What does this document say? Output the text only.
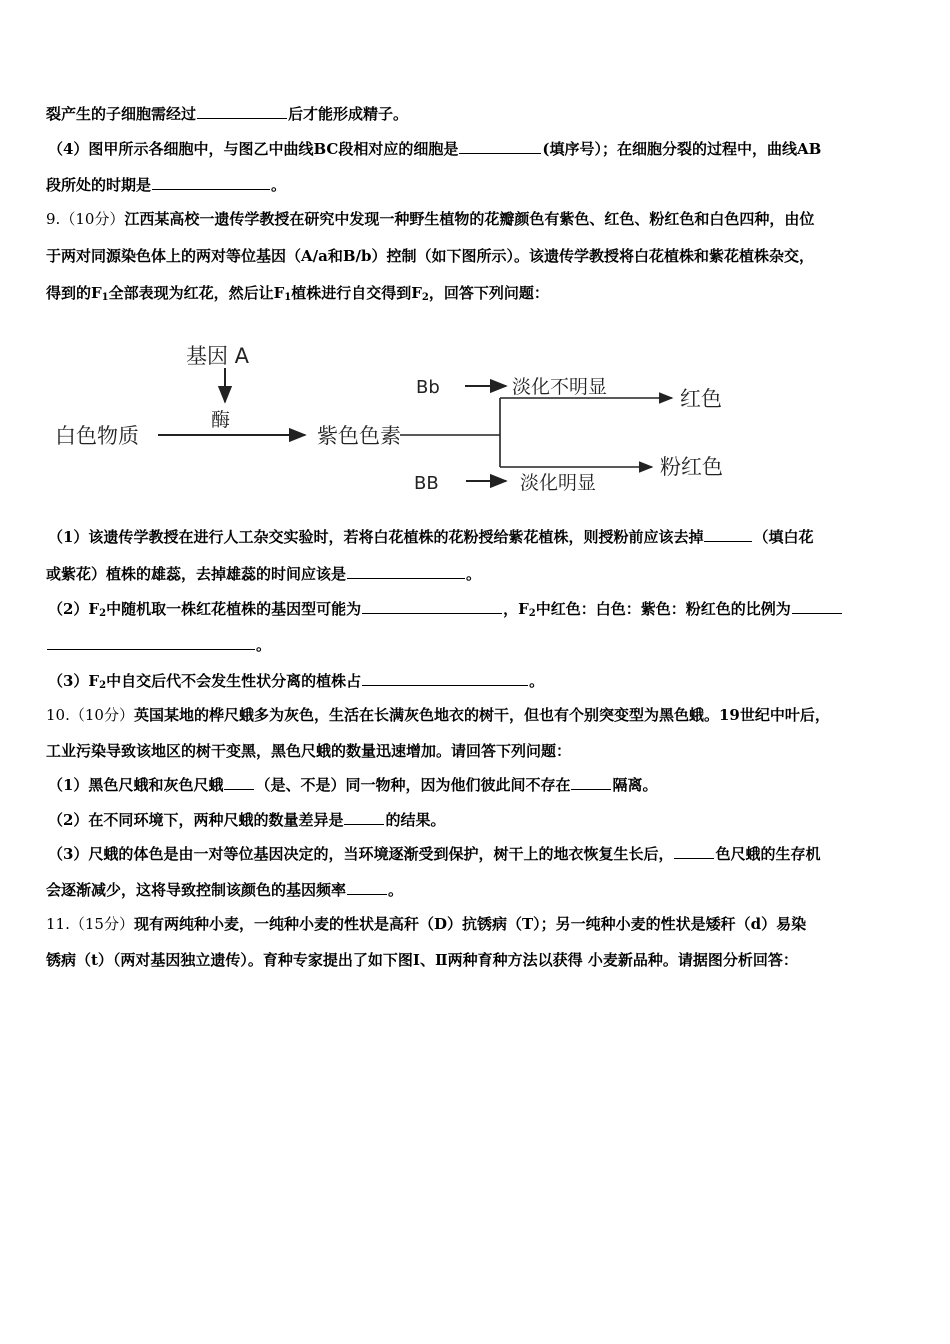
裂产生的子细胞需经过	后才能形成精子。
（4）图甲所示各细胞中，与图乙中曲线BC段相对应的细胞是	(填序号）；在细胞分裂的过程中，曲线AB
段所处的时期是	。
9.（10分）江西某高校一遗传学教授在研究中发现一种野生植物的花瓣颜色有紫色、红色、粉红色和白色四种，由位
于两对同源染色体上的两对等位基因（A/a和B/b）控制（如下图所示）。该遗传学教授将白花植株和紫花植株杂交，
得到的$F_1$全部表现为红花，然后让$F_1$植株进行自交得到$F_2$，回答下列问题：
基因 A
酶
白色物质	紫色色素
Bb	淡化不明显	红色
BB	淡化明显
粉红色
（1）该遗传学教授在进行人工杂交实验时，若将白花植株的花粉授给紫花植株，则授粉前应该去掉	（填白花
或紫花）植株的雄蕊，去掉雄蕊的时间应该是	。
$(2)F_2$中随机取一株红花植株的基因型可能为	，$F_2$中红色：白色：紫色：粉红色的比例为
。
$(3)F_2$中自交后代不会发生性状分离的植株占	。
10.（10分）英国某地的桦尺蛾多为灰色，生活在长满灰色地衣的树干，但也有个别突变型为黑色蛾。19世纪中叶后，
工业污染导致该地区的树干变黑，黑色尺蛾的数量迅速增加。请回答下列问题：
（1）黑色尺蛾和灰色尺蛾 （是、不是）同一物种，因为他们彼此间不存在	隔离。
（2）在不同环境下，两种尺蛾的数量差异是	的结果。
（3）尺蛾的体色是由一对等位基因决定的，当环境逐渐受到保护，树干上的地衣恢复生长后，	色尺蛾的生存机
会逐渐减少，这将导致控制该颜色的基因频率	。
11.（15分）现有两纯种小麦，一纯种小麦的性状是高秆（D）抗锈病（T）；另一纯种小麦的性状是矮秆（d）易染
锈病（t）（两对基因独立遗传）。育种专家提出了如下图Ⅰ、Ⅱ两种育种方法以获得 小麦新品种。请据图分析回答：
